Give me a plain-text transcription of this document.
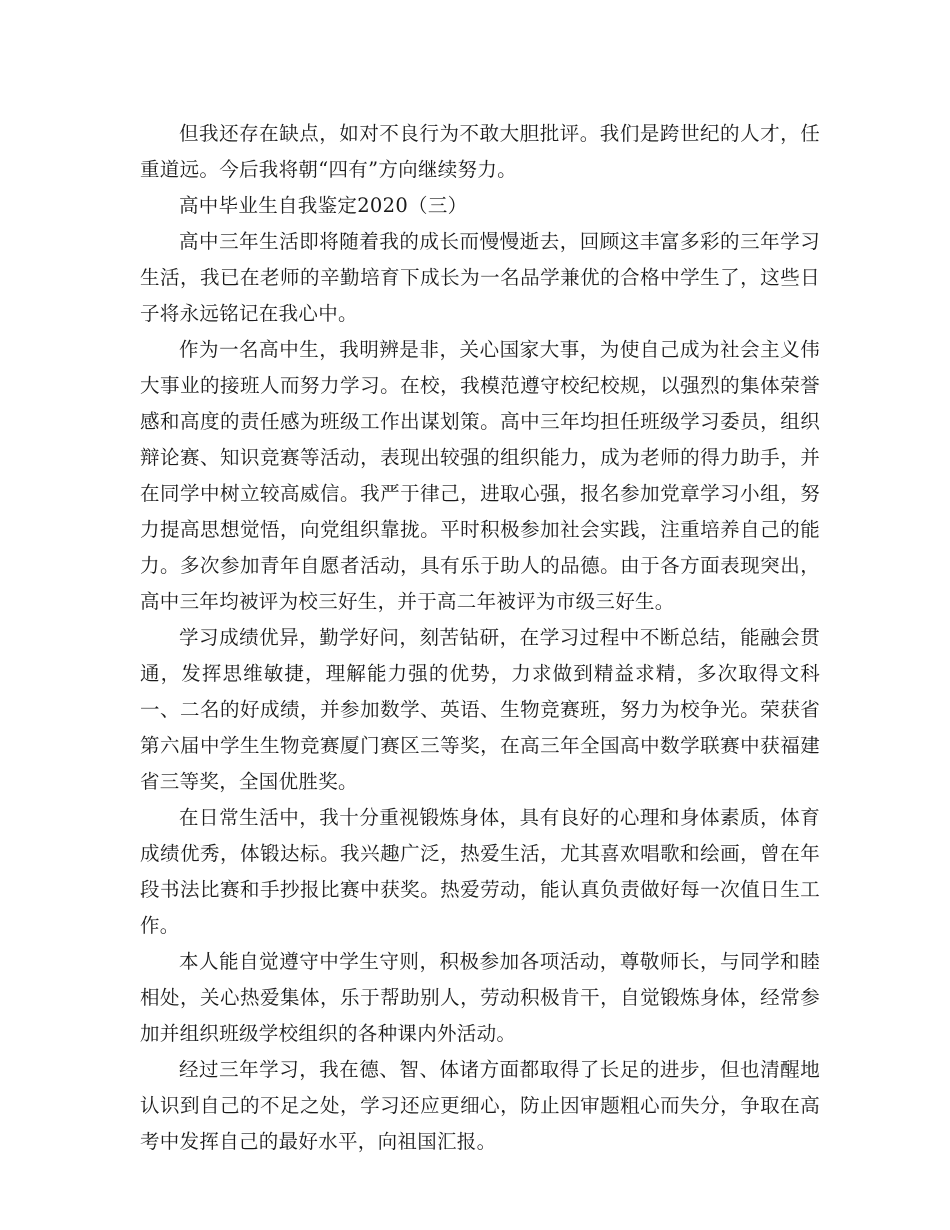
但我还存在缺点，如对不良行为不敢大胆批评。我们是跨世纪的人才，任重道远。今后我将朝“四有”方向继续努力。

高中毕业生自我鉴定2020（三）

高中三年生活即将随着我的成长而慢慢逝去，回顾这丰富多彩的三年学习生活，我已在老师的辛勤培育下成长为一名品学兼优的合格中学生了，这些日子将永远铭记在我心中。

作为一名高中生，我明辨是非，关心国家大事，为使自己成为社会主义伟大事业的接班人而努力学习。在校，我模范遵守校纪校规，以强烈的集体荣誉感和高度的责任感为班级工作出谋划策。高中三年均担任班级学习委员，组织辩论赛、知识竞赛等活动，表现出较强的组织能力，成为老师的得力助手，并在同学中树立较高威信。我严于律己，进取心强，报名参加党章学习小组，努力提高思想觉悟，向党组织靠拢。平时积极参加社会实践，注重培养自己的能力。多次参加青年自愿者活动，具有乐于助人的品德。由于各方面表现突出，高中三年均被评为校三好生，并于高二年被评为市级三好生。

学习成绩优异，勤学好问，刻苦钻研，在学习过程中不断总结，能融会贯通，发挥思维敏捷，理解能力强的优势，力求做到精益求精，多次取得文科一、二名的好成绩，并参加数学、英语、生物竞赛班，努力为校争光。荣获省第六届中学生生物竞赛厦门赛区三等奖，在高三年全国高中数学联赛中获福建省三等奖，全国优胜奖。

在日常生活中，我十分重视锻炼身体，具有良好的心理和身体素质，体育成绩优秀，体锻达标。我兴趣广泛，热爱生活，尤其喜欢唱歌和绘画，曾在年段书法比赛和手抄报比赛中获奖。热爱劳动，能认真负责做好每一次值日生工作。

本人能自觉遵守中学生守则，积极参加各项活动，尊敬师长，与同学和睦相处，关心热爱集体，乐于帮助别人，劳动积极肯干，自觉锻炼身体，经常参加并组织班级学校组织的各种课内外活动。

经过三年学习，我在德、智、体诸方面都取得了长足的进步，但也清醒地认识到自己的不足之处，学习还应更细心，防止因审题粗心而失分，争取在高考中发挥自己的最好水平，向祖国汇报。
